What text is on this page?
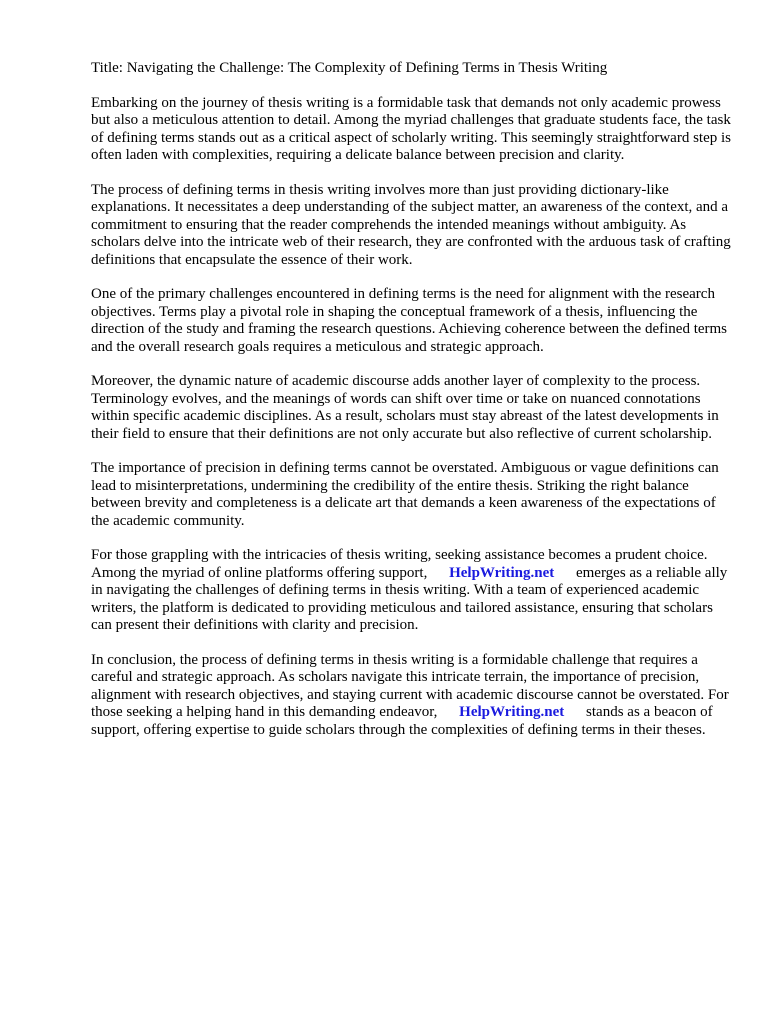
Title: Navigating the Challenge: The Complexity of Defining Terms in Thesis Writing

Embarking on the journey of thesis writing is a formidable task that demands not only academic prowess but also a meticulous attention to detail. Among the myriad challenges that graduate students face, the task of defining terms stands out as a critical aspect of scholarly writing. This seemingly straightforward step is often laden with complexities, requiring a delicate balance between precision and clarity.

The process of defining terms in thesis writing involves more than just providing dictionary-like explanations. It necessitates a deep understanding of the subject matter, an awareness of the context, and a commitment to ensuring that the reader comprehends the intended meanings without ambiguity. As scholars delve into the intricate web of their research, they are confronted with the arduous task of crafting definitions that encapsulate the essence of their work.

One of the primary challenges encountered in defining terms is the need for alignment with the research objectives. Terms play a pivotal role in shaping the conceptual framework of a thesis, influencing the direction of the study and framing the research questions. Achieving coherence between the defined terms and the overall research goals requires a meticulous and strategic approach.

Moreover, the dynamic nature of academic discourse adds another layer of complexity to the process. Terminology evolves, and the meanings of words can shift over time or take on nuanced connotations within specific academic disciplines. As a result, scholars must stay abreast of the latest developments in their field to ensure that their definitions are not only accurate but also reflective of current scholarship.

The importance of precision in defining terms cannot be overstated. Ambiguous or vague definitions can lead to misinterpretations, undermining the credibility of the entire thesis. Striking the right balance between brevity and completeness is a delicate art that demands a keen awareness of the expectations of the academic community.

For those grappling with the intricacies of thesis writing, seeking assistance becomes a prudent choice. Among the myriad of online platforms offering support, HelpWriting.net emerges as a reliable ally in navigating the challenges of defining terms in thesis writing. With a team of experienced academic writers, the platform is dedicated to providing meticulous and tailored assistance, ensuring that scholars can present their definitions with clarity and precision.

In conclusion, the process of defining terms in thesis writing is a formidable challenge that requires a careful and strategic approach. As scholars navigate this intricate terrain, the importance of precision, alignment with research objectives, and staying current with academic discourse cannot be overstated. For those seeking a helping hand in this demanding endeavor, HelpWriting.net stands as a beacon of support, offering expertise to guide scholars through the complexities of defining terms in their theses.
